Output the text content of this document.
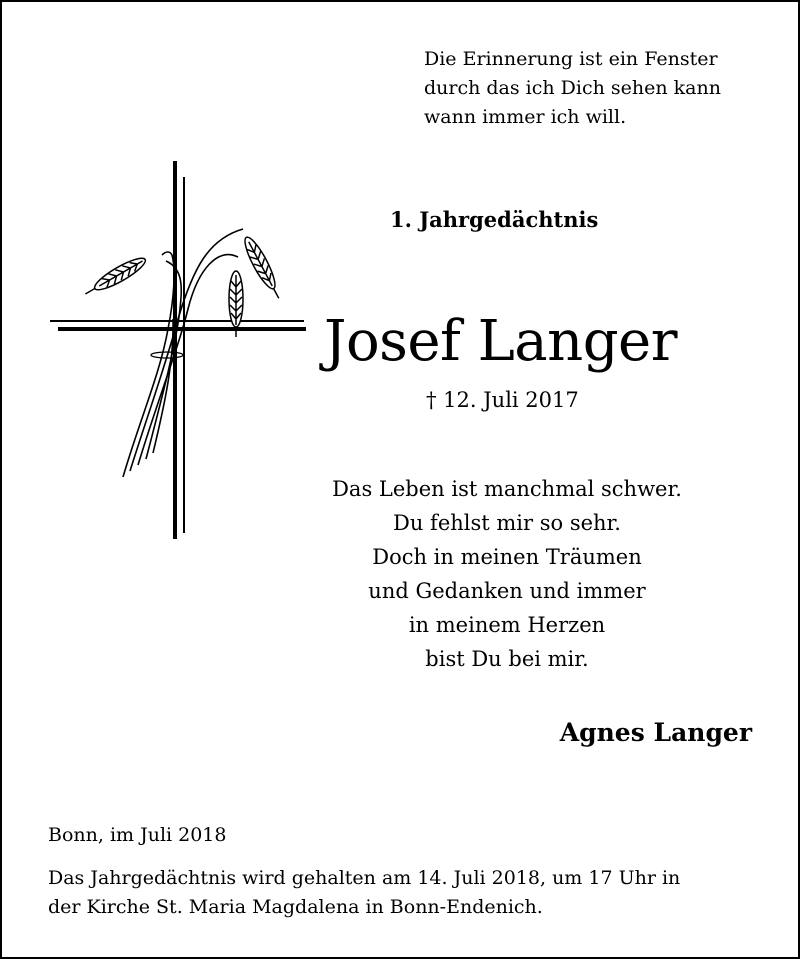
Die Erinnerung ist ein Fenster
durch das ich Dich sehen kann
wann immer ich will.
1. Jahrgedächtnis
Josef Langer
† 12. Juli 2017
Das Leben ist manchmal schwer.
Du fehlst mir so sehr.
Doch in meinen Träumen
und Gedanken und immer
in meinem Herzen
bist Du bei mir.
Agnes Langer
Bonn, im Juli 2018
Das Jahrgedächtnis wird gehalten am 14. Juli 2018, um 17 Uhr in
der Kirche St. Maria Magdalena in Bonn-Endenich.
